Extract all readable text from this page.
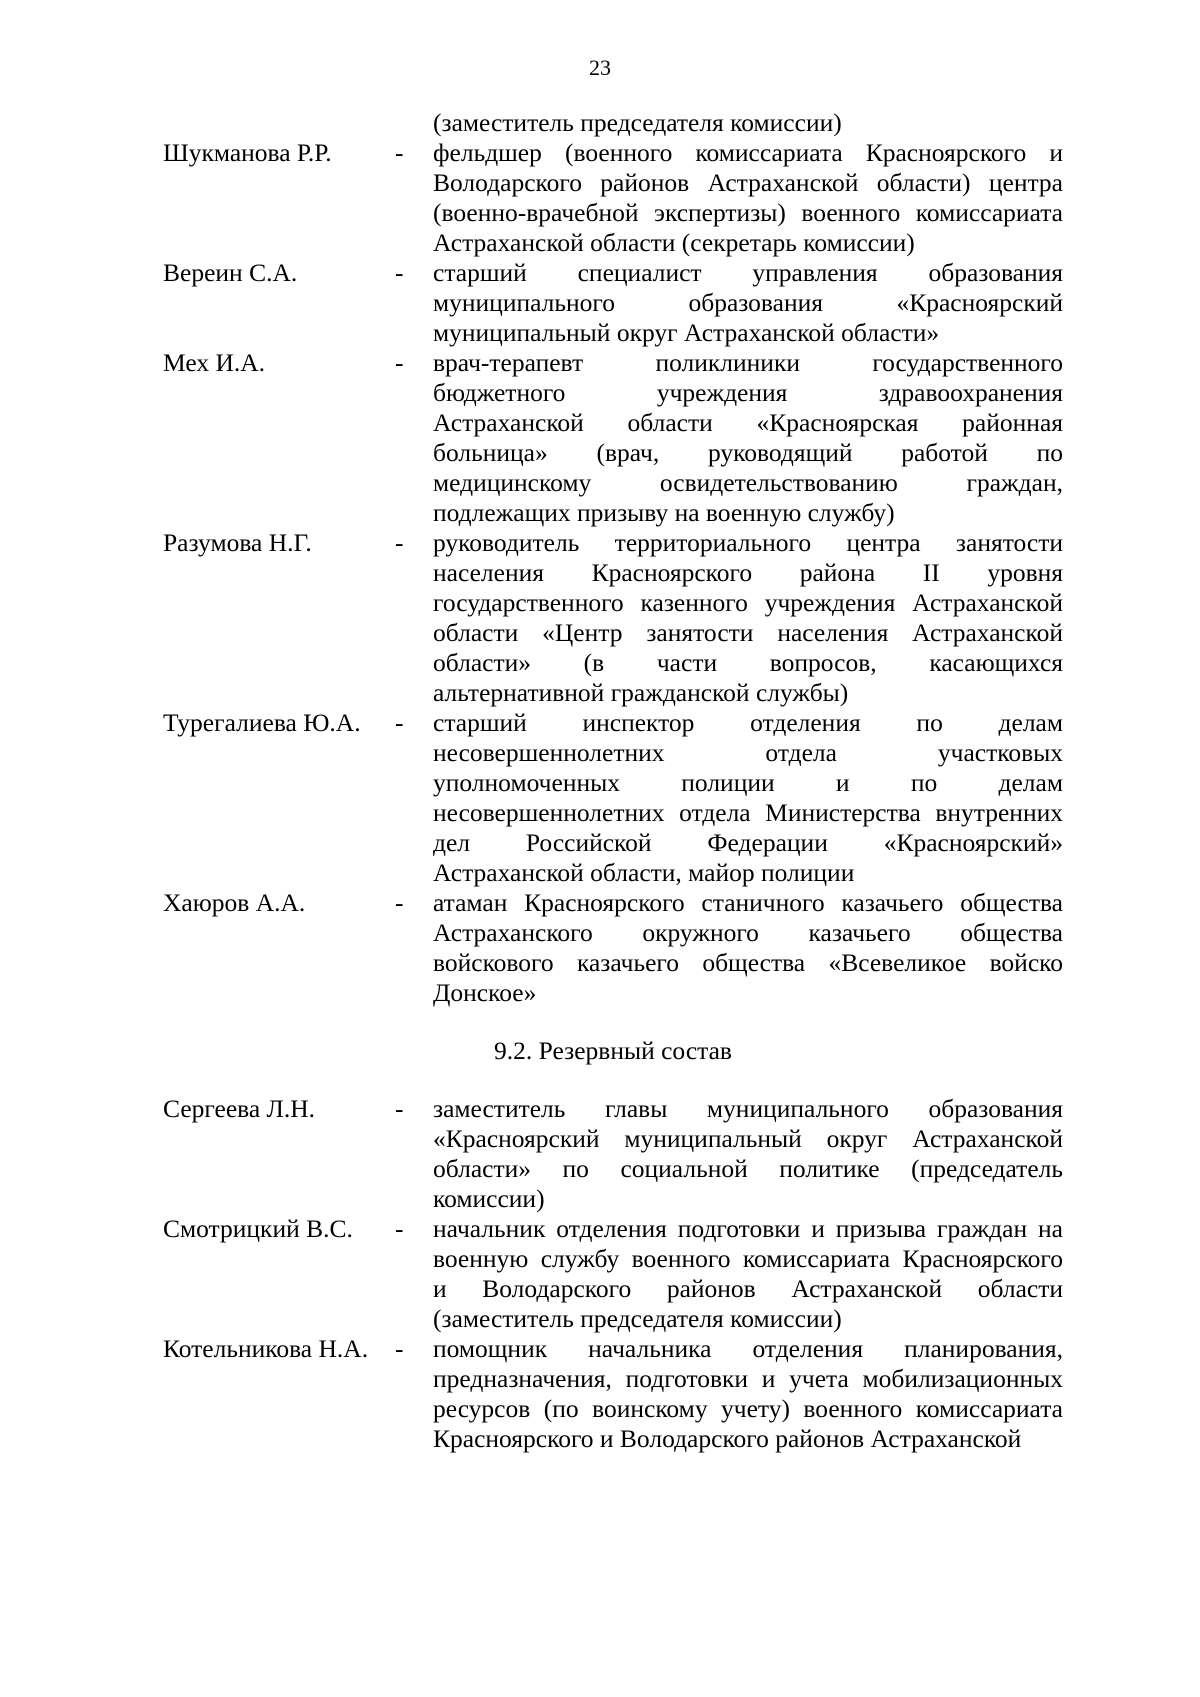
23
(заместитель председателя комиссии)
Шукманова Р.Р.	-	фельдшер (военного комиссариата Красноярского и
Володарского районов Астраханской области) центра
(военно-врачебной экспертизы) военного комиссариата
Астраханской области (секретарь комиссии)
Вереин С.А.	-	старший специалист управления образования
муниципального образования «Красноярский
муниципальный округ Астраханской области»
Мех И.А.	-	врач-терапевт поликлиники государственного
бюджетного учреждения здравоохранения
Астраханской области «Красноярская районная
больница» (врач, руководящий работой по
медицинскому освидетельствованию граждан,
подлежащих призыву на военную службу)
Разумова Н.Г.	-	руководитель территориального центра занятости
населения Красноярского района II уровня
государственного казенного учреждения Астраханской
области «Центр занятости населения Астраханской
области» (в части вопросов, касающихся
альтернативной гражданской службы)
Турегалиева Ю.А.	-	старший инспектор отделения по делам
несовершеннолетних отдела участковых
уполномоченных полиции и по делам
несовершеннолетних отдела Министерства внутренних
дел Российской Федерации «Красноярский»
Астраханской области, майор полиции
Хаюров А.А.	-	атаман Красноярского станичного казачьего общества
Астраханского окружного казачьего общества
войскового казачьего общества «Всевеликое войско
Донское»
9.2. Резервный состав
Сергеева Л.Н.	-	заместитель главы муниципального образования
«Красноярский муниципальный округ Астраханской
области» по социальной политике (председатель
комиссии)
Смотрицкий В.С.	-	начальник отделения подготовки и призыва граждан на
военную службу военного комиссариата Красноярского
и Володарского районов Астраханской области
(заместитель председателя комиссии)
Котельникова Н.А.	-	помощник начальника отделения планирования,
предназначения, подготовки и учета мобилизационных
ресурсов (по воинскому учету) военного комиссариата
Красноярского и Володарского районов Астраханской
